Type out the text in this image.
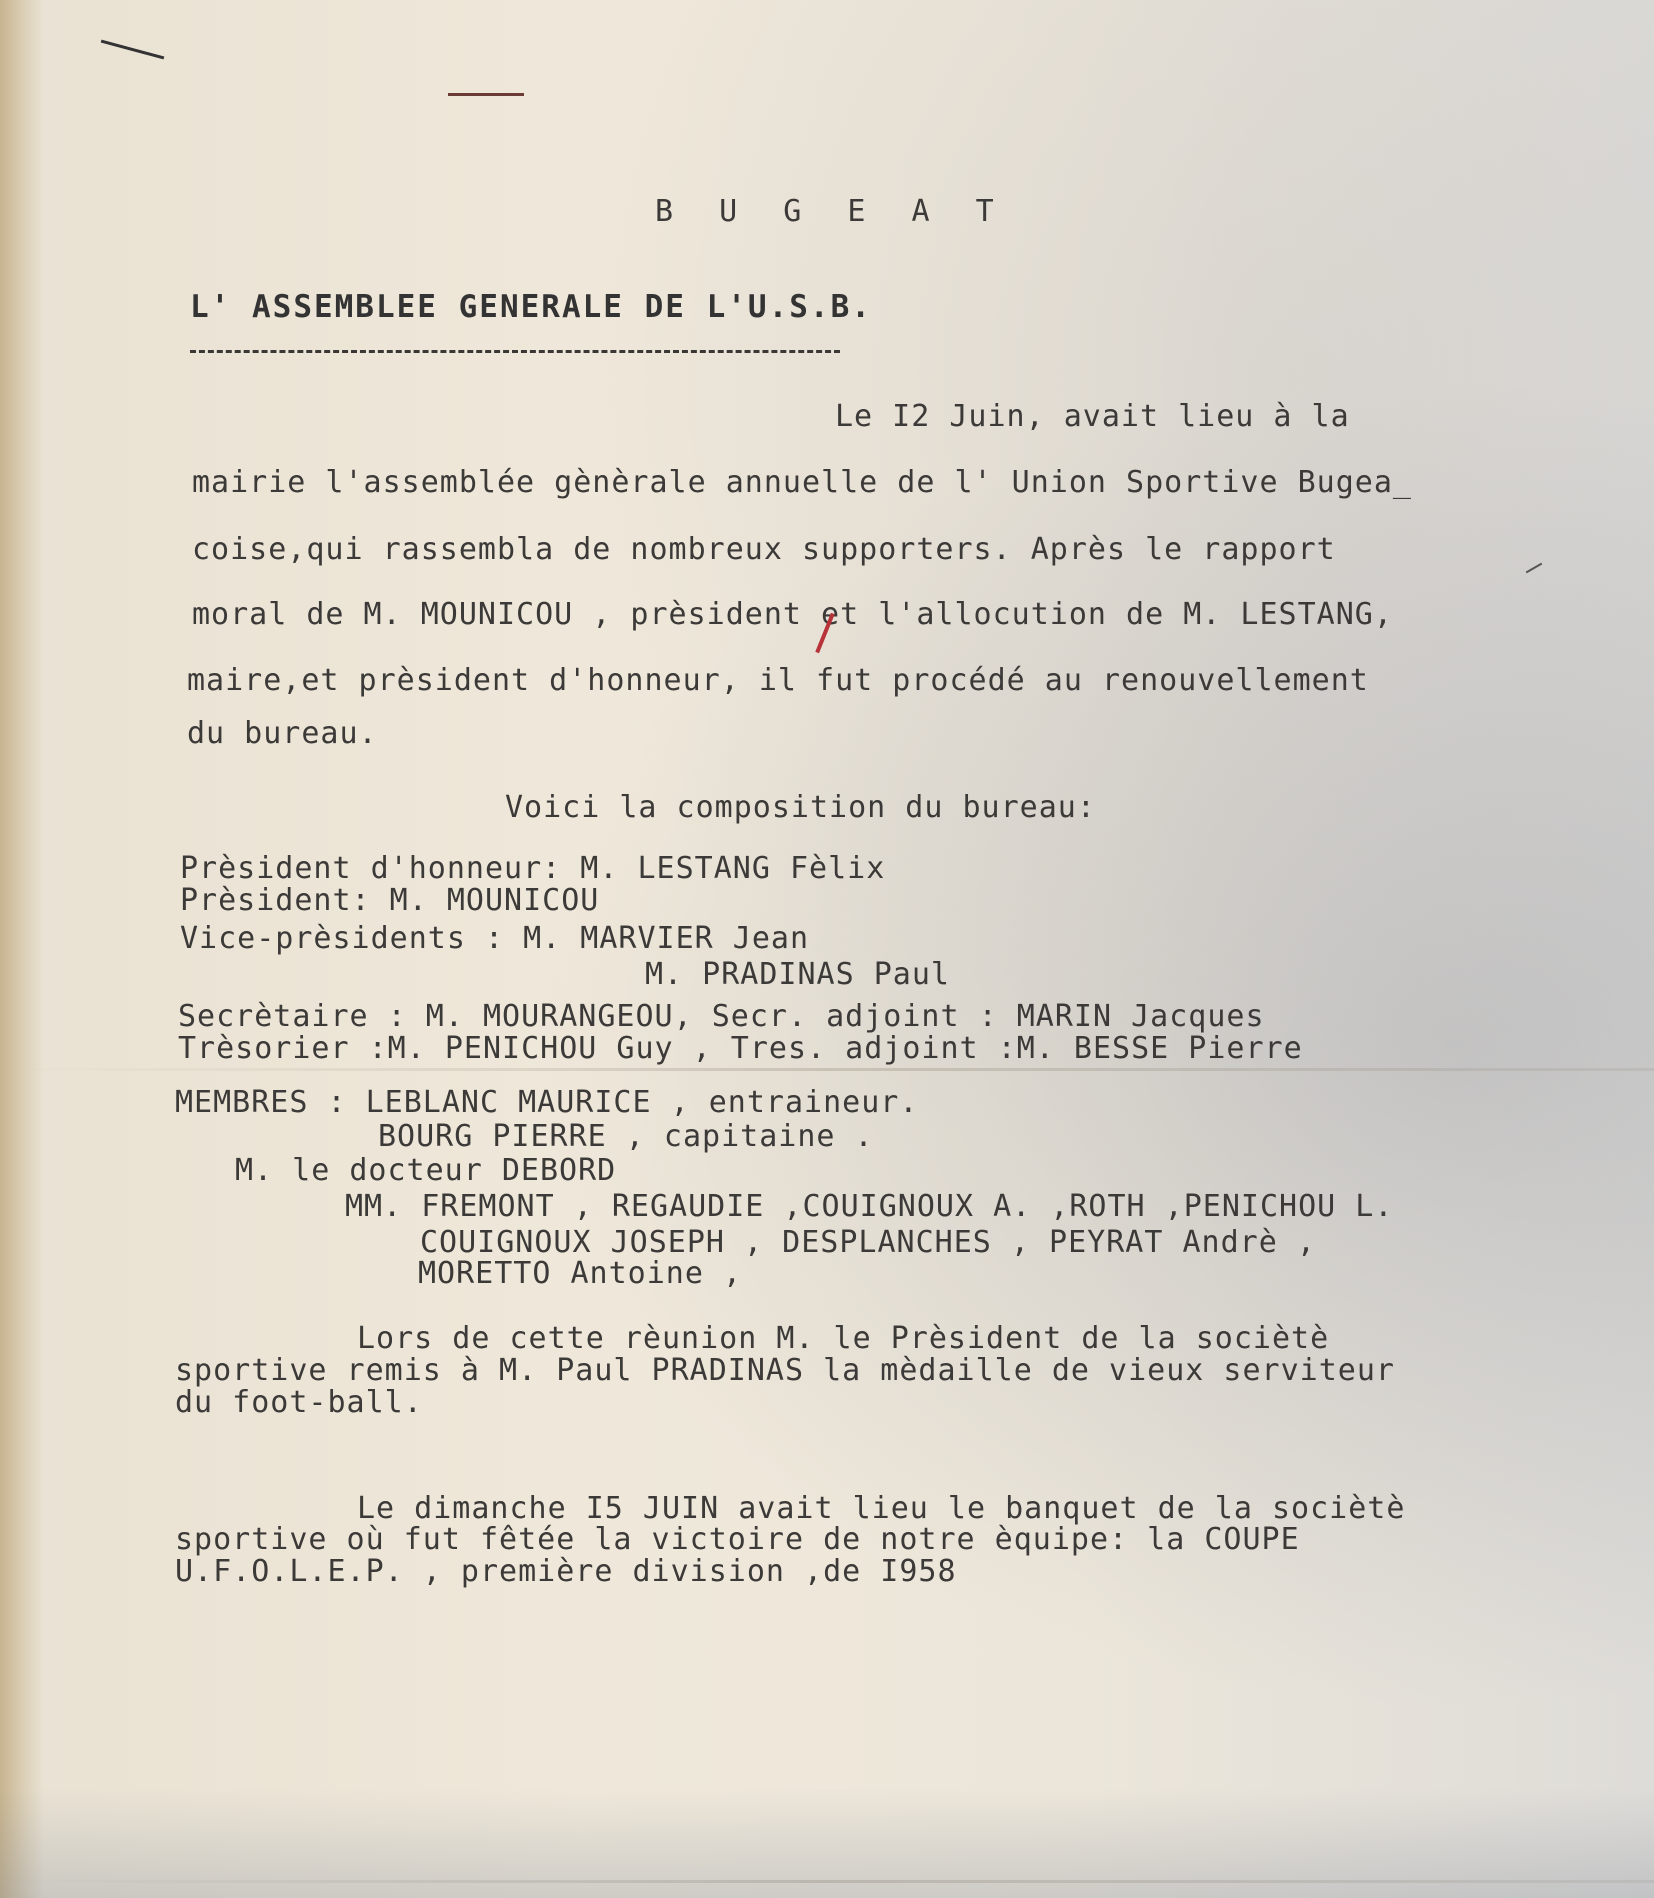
B U G E A T
L' ASSEMBLEE GENERALE DE L'U.S.B.
Le I2 Juin, avait lieu à la
mairie l'assemblée gènèrale annuelle de l' Union Sportive Bugea_
coise,qui rassembla de nombreux supporters. Après le rapport
moral de M. MOUNICOU , prèsident et l'allocution de M. LESTANG,
maire,et prèsident d'honneur, il fut procédé au renouvellement
du bureau.
Voici la composition du bureau:
Prèsident d'honneur: M. LESTANG Fèlix
Prèsident: M. MOUNICOU
Vice-prèsidents : M. MARVIER Jean
M. PRADINAS Paul
Secrètaire : M. MOURANGEOU, Secr. adjoint : MARIN Jacques
Trèsorier :M. PENICHOU Guy , Tres. adjoint :M. BESSE Pierre
MEMBRES : LEBLANC MAURICE , entraineur.
BOURG PIERRE , capitaine .
M. le docteur DEBORD
MM. FREMONT , REGAUDIE ,COUIGNOUX A. ,ROTH ,PENICHOU L.
COUIGNOUX JOSEPH , DESPLANCHES , PEYRAT Andrè ,
MORETTO Antoine ,
Lors de cette rèunion M. le Prèsident de la sociètè
sportive remis à M. Paul PRADINAS la mèdaille de vieux serviteur
du foot-ball.
Le dimanche I5 JUIN avait lieu le banquet de la sociètè
sportive où fut fêtée la victoire de notre èquipe: la COUPE
U.F.O.L.E.P. , première division ,de I958
